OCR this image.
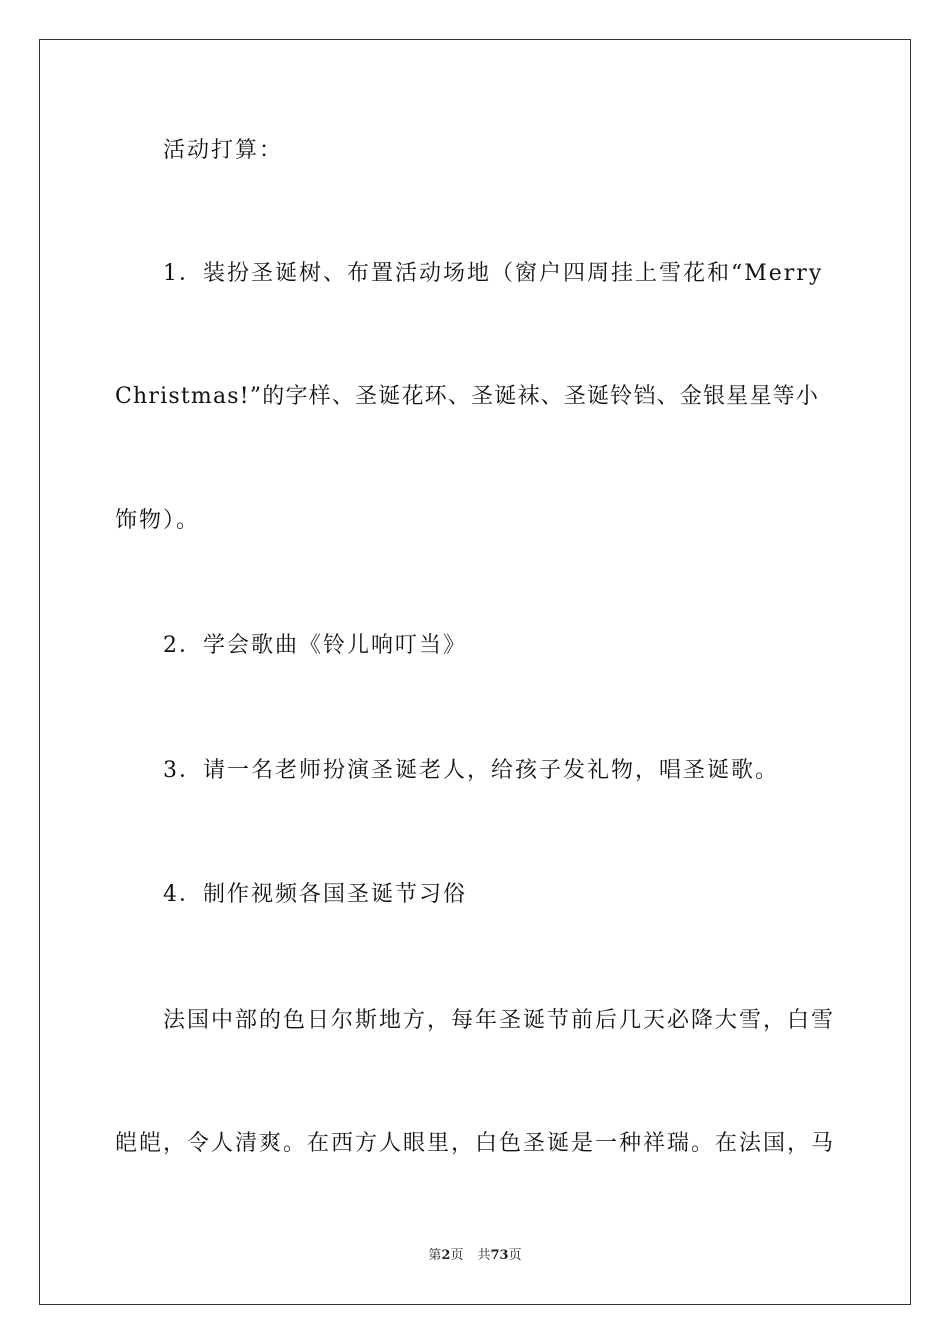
活动打算：
1．装扮圣诞树、布置活动场地（窗户四周挂上雪花和“Merry
Christmas!”的字样、圣诞花环、圣诞袜、圣诞铃铛、金银星星等小
饰物）。
2．学会歌曲《铃儿响叮当》
3．请一名老师扮演圣诞老人，给孩子发礼物，唱圣诞歌。
4．制作视频各国圣诞节习俗
法国中部的色日尔斯地方，每年圣诞节前后几天必降大雪，白雪
皑皑，令人清爽。在西方人眼里，白色圣诞是一种祥瑞。在法国，马
第2页 共73页
